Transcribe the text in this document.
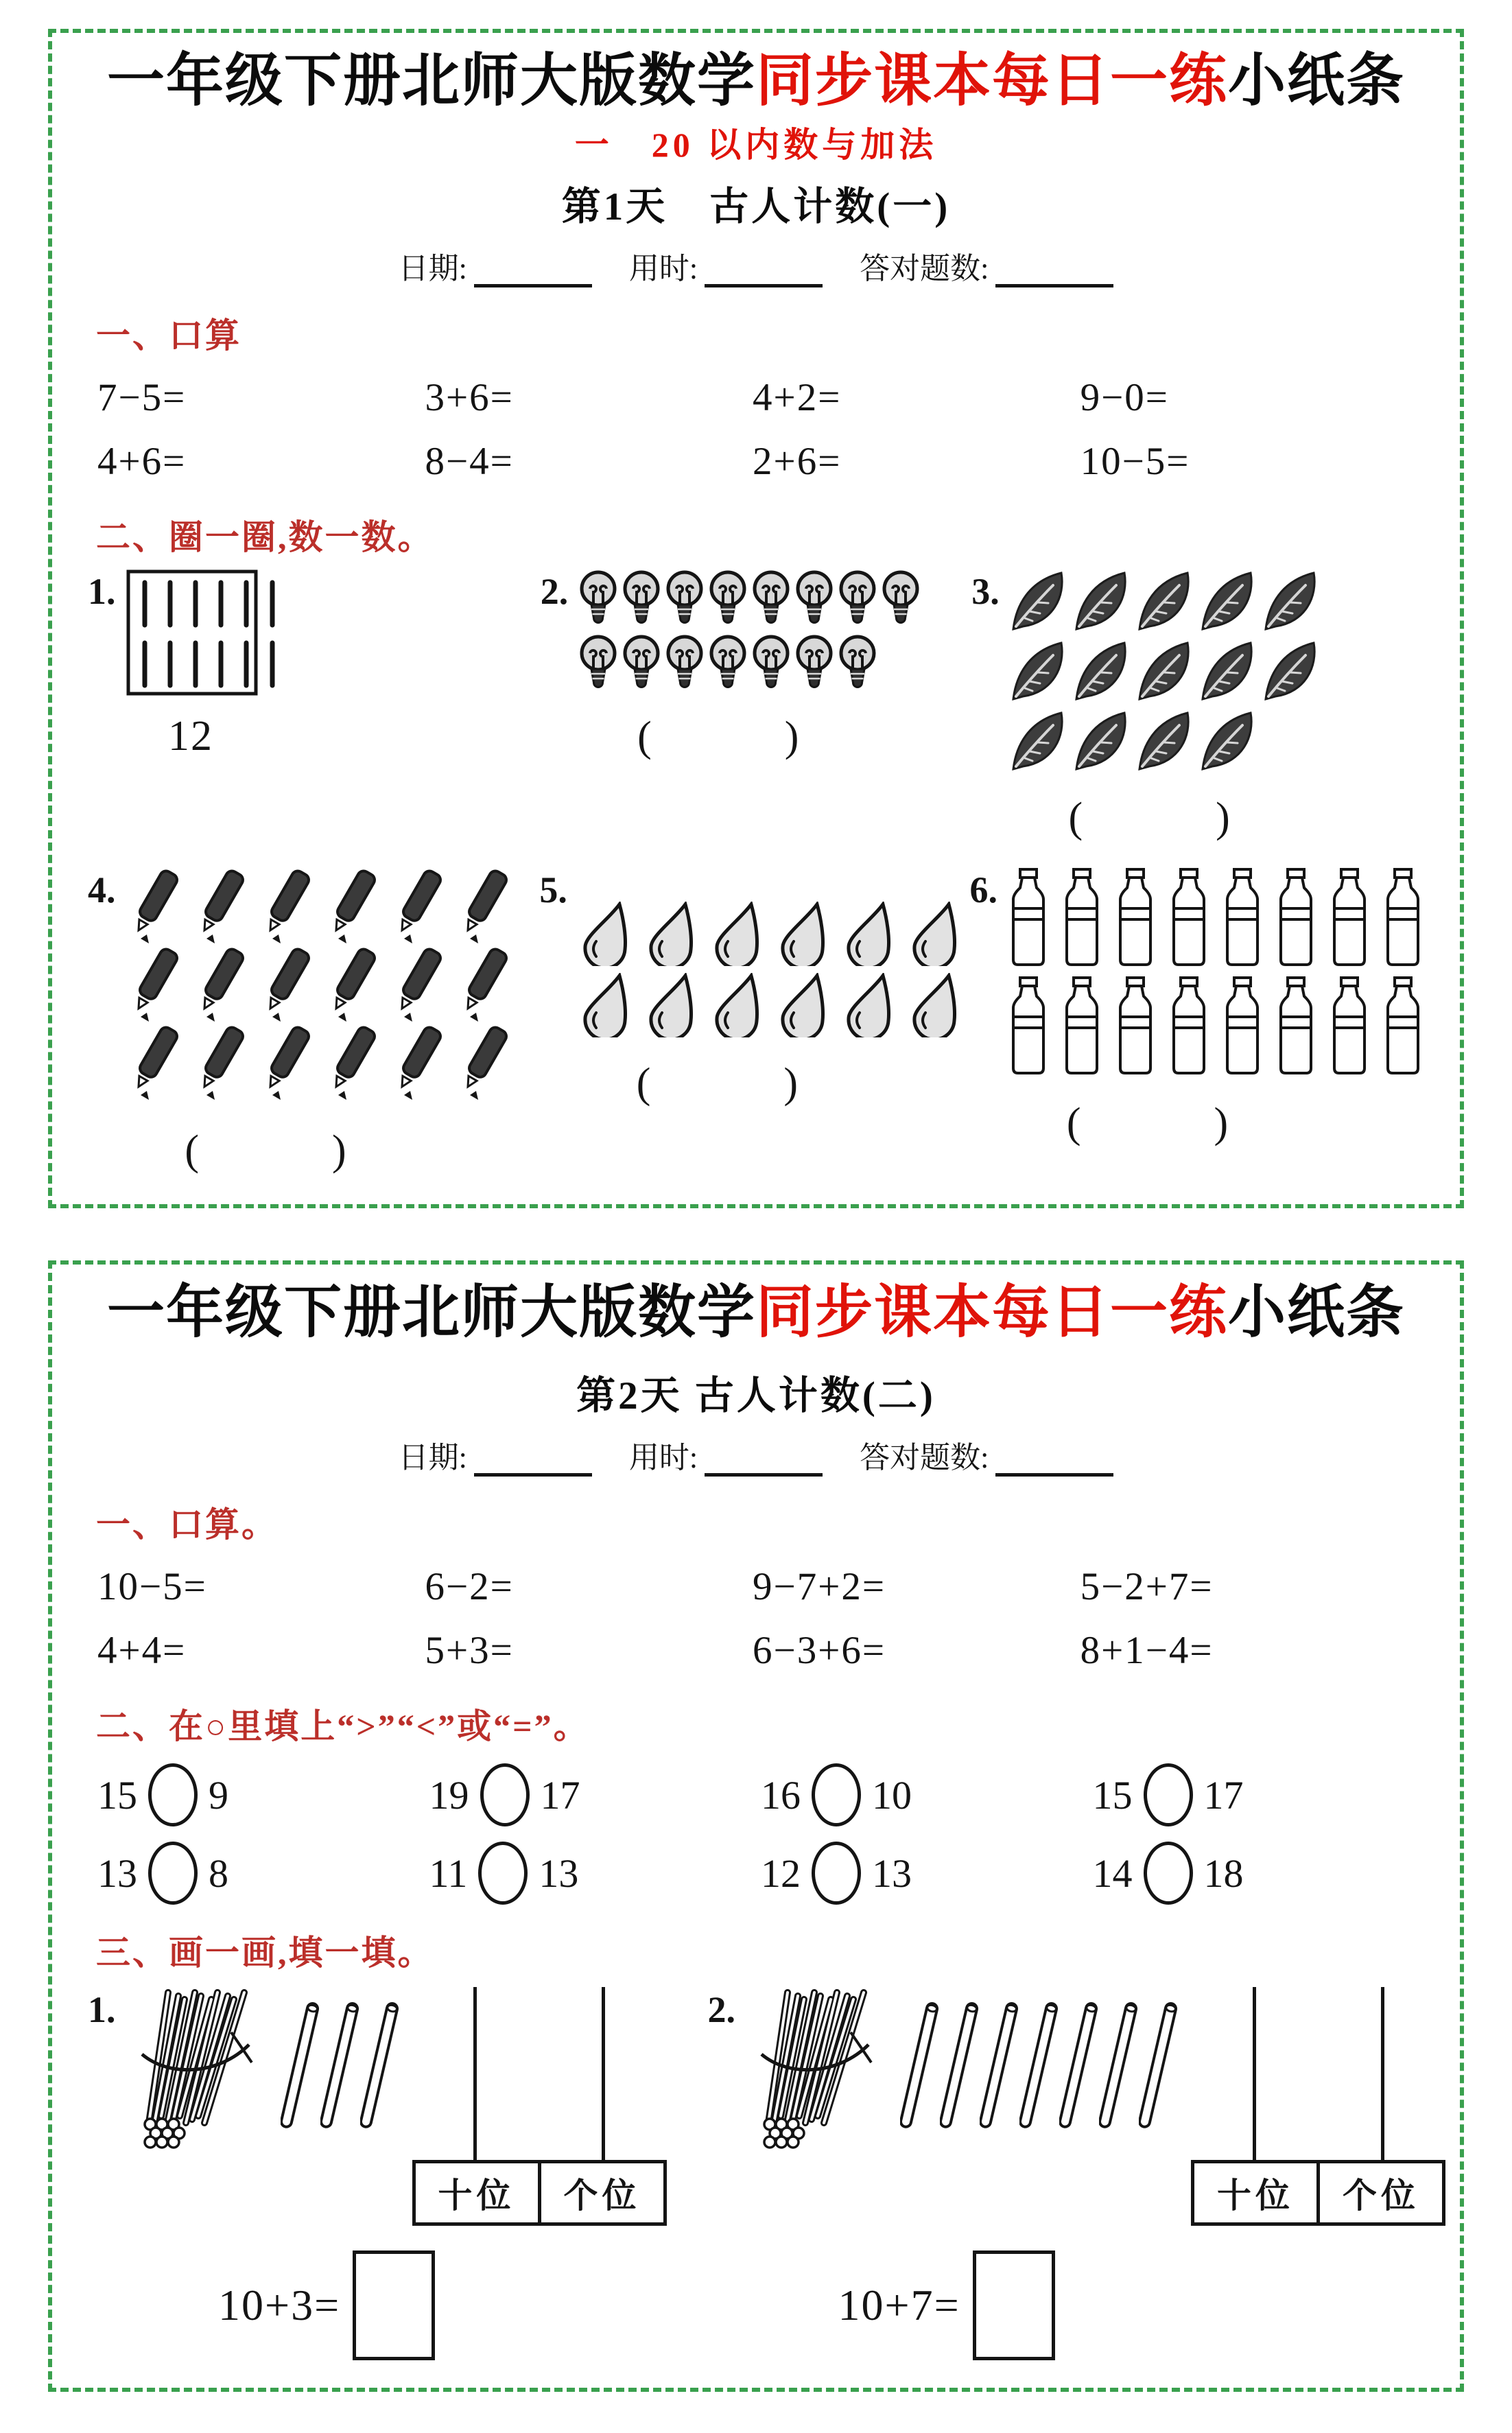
一年级下册北师大版数学同步课本每日一练小纸条
一　20 以内数与加法
第1天　古人计数(一)
日期:	用时:	答对题数:
一、口算
7−5=	3+6=	4+2=	9−0=
4+6=	8−4=	2+6=	10−5=
二、圈一圈,数一数。
1.
12
2.
(　　　)
3.
(　　　)
4.
(　　　)
5.
(　　　)
6.
(　　　)
一年级下册北师大版数学同步课本每日一练小纸条
第2天 古人计数(二)
日期:	用时:	答对题数:
一、口算。
10−5=	6−2=	9−7+2=	5−2+7=
4+4=	5+3=	6−3+6=	8+1−4=
二、在○里填上“>”“<”或“=”。
15 9	19 17	16 10	15 17
13 8	11 13	12 13	14 18
三、画一画,填一填。
1.
十位	个位
10+3=
2.
十位	个位
10+7=
